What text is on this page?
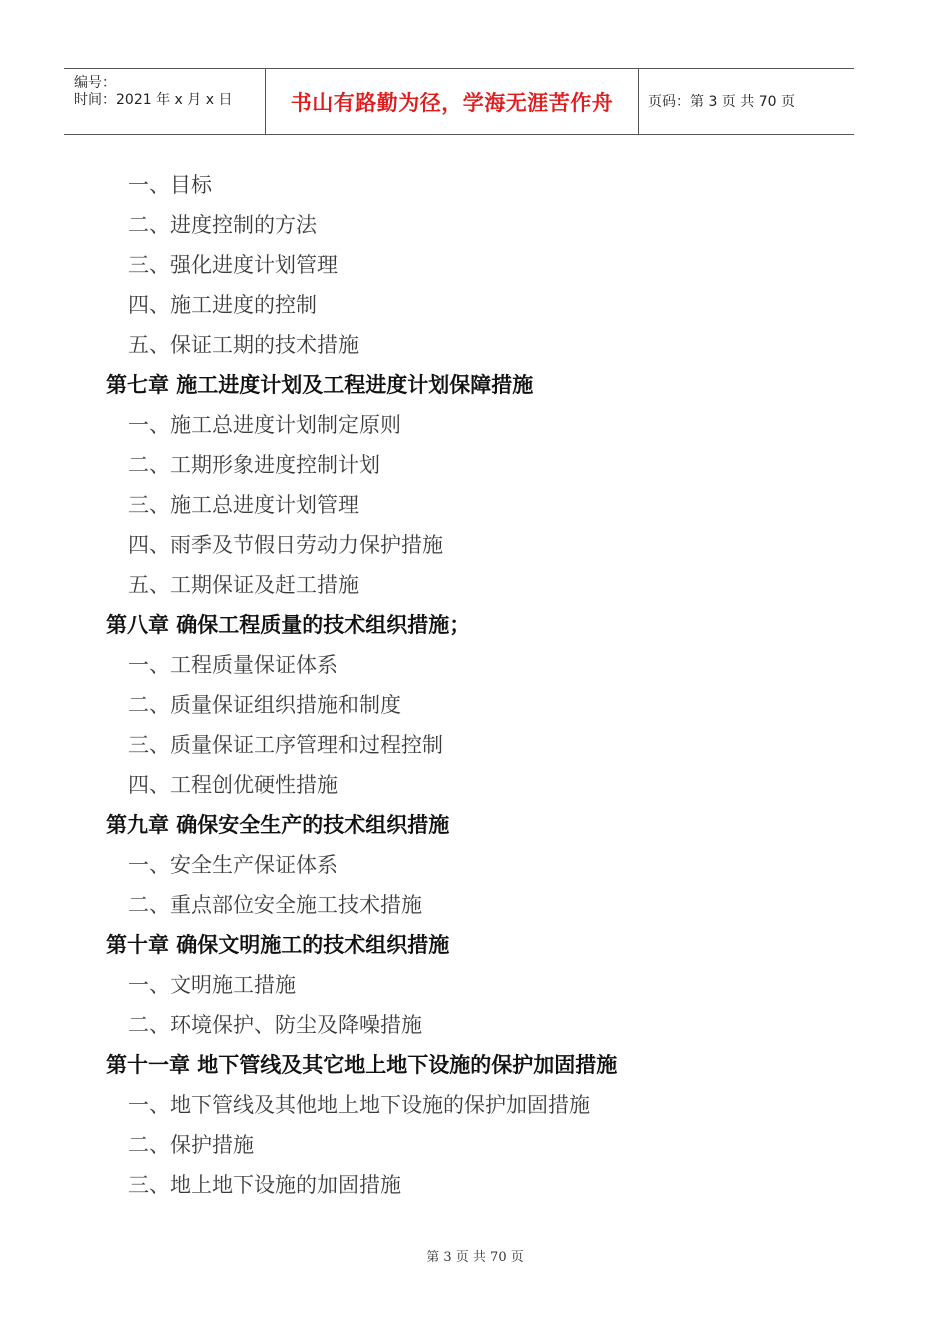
编号：
时间：2021 年 x 月 x 日	书山有路勤为径，学海无涯苦作舟 页码：第 3 页 共 70 页
一、目标
二、进度控制的方法
三、强化进度计划管理
四、施工进度的控制
五、保证工期的技术措施
第七章 施工进度计划及工程进度计划保障措施
一、施工总进度计划制定原则
二、工期形象进度控制计划
三、施工总进度计划管理
四、雨季及节假日劳动力保护措施
五、工期保证及赶工措施
第八章 确保工程质量的技术组织措施；
一、工程质量保证体系
二、质量保证组织措施和制度
三、质量保证工序管理和过程控制
四、工程创优硬性措施
第九章 确保安全生产的技术组织措施
一、安全生产保证体系
二、重点部位安全施工技术措施
第十章 确保文明施工的技术组织措施
一、文明施工措施
二、环境保护、防尘及降噪措施
第十一章 地下管线及其它地上地下设施的保护加固措施
一、地下管线及其他地上地下设施的保护加固措施
二、保护措施
三、地上地下设施的加固措施
第 3 页 共 70 页
